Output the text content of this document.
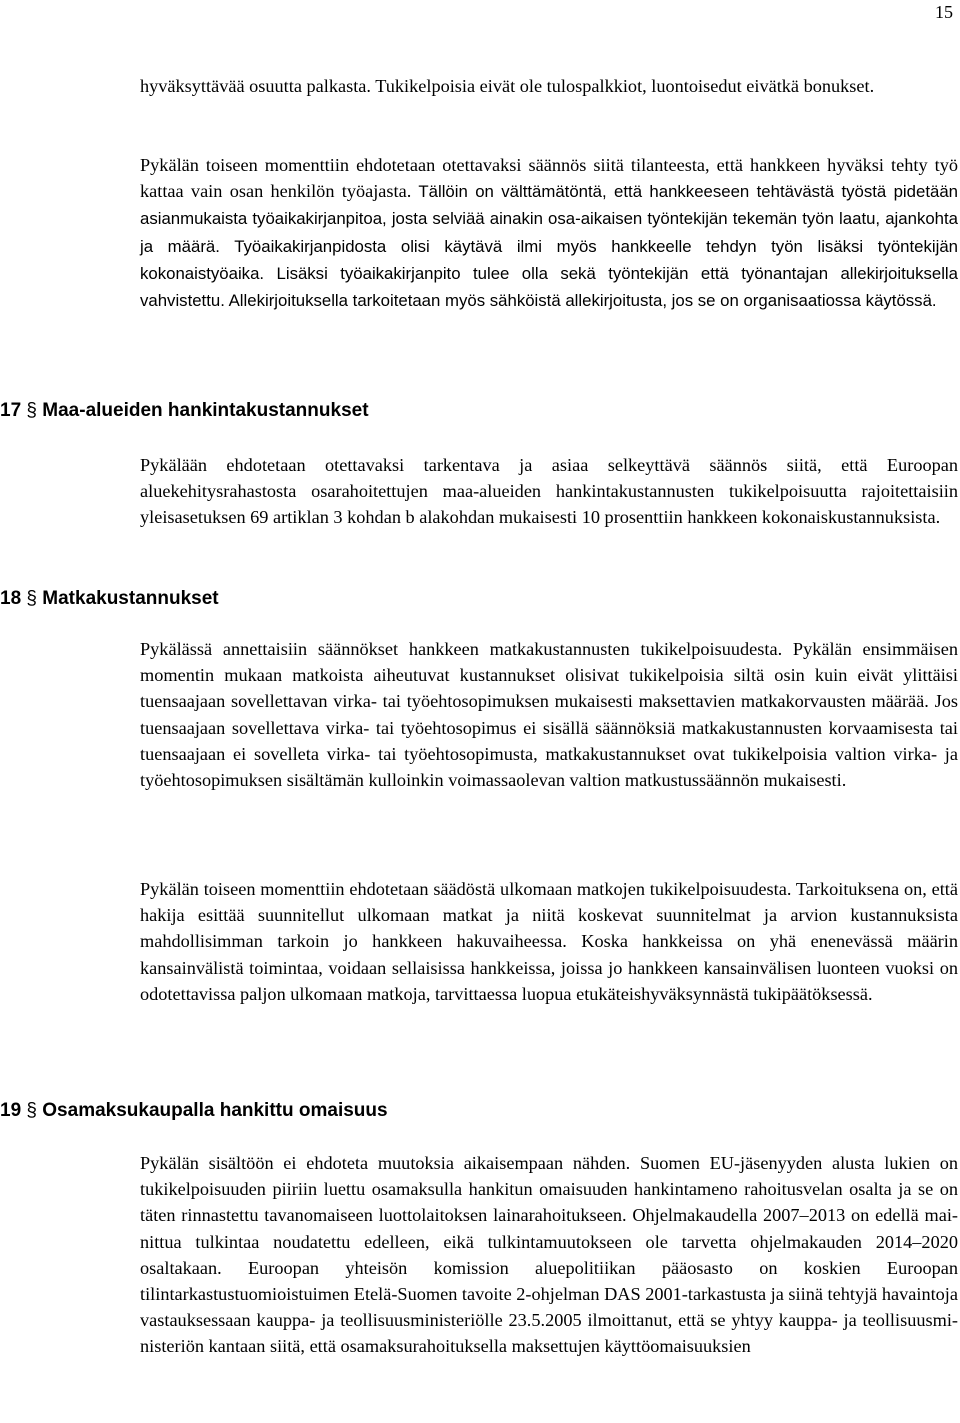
15

hyväksyttävää osuutta palkasta. Tukikelpoisia eivät ole tulospalkkiot, luontoisedut eivätkä bonukset.

Pykälän toiseen momenttiin ehdotetaan otettavaksi säännös siitä tilanteesta, että hankkeen hyväksi tehty työ kattaa vain osan henkilön työajasta. Tällöin on välttämätöntä, että hankkeeseen tehtävästä työstä pidetään asianmukaista työaikakirjanpitoa, josta selviää ainakin osa-aikaisen työntekijän tekemän työn laatu, ajankohta ja määrä. Työaikakirjanpidosta olisi käytävä ilmi myös hankkeelle tehdyn työn lisäksi työntekijän kokonaistyöaika. Lisäksi työaikakirjanpito tulee olla sekä työntekijän että työnantajan allekirjoituksella vahvistettu. Allekirjoituksella tarkoitetaan myös sähköistä allekirjoitusta, jos se on organisaatiossa käytössä.

17 § Maa-alueiden hankintakustannukset

Pykälään ehdotetaan otettavaksi tarkentava ja asiaa selkeyttävä säännös siitä, että Euroopan aluekehitysrahastosta osarahoitettujen maa-alueiden hankintakustannusten tukikelpoisuutta rajoitettaisiin yleisasetuksen 69 artiklan 3 kohdan b alakohdan mukaisesti 10 prosenttiin hankkeen kokonaiskustannuksista.

18 § Matkakustannukset

Pykälässä annettaisiin säännökset hankkeen matkakustannusten tukikelpoisuudesta. Pykälän ensimmäisen momentin mukaan matkoista aiheutuvat kustannukset olisivat tukikelpoisia siltä osin kuin eivät ylittäisi tuensaajaan sovellettavan virka- tai työehtosopimuksen mukaisesti maksettavien matkakorvausten määrää. Jos tuensaajaan sovellettava virka- tai työehtosopimus ei sisällä säännöksiä matkakustannusten korvaamisesta tai tuensaajaan ei sovelleta virka- tai työehtosopimusta, matkakustannukset ovat tukikelpoisia valtion virka- ja työehtosopimuksen sisältämän kulloinkin voimassaolevan valtion matkustussäännön mukaisesti.

Pykälän toiseen momenttiin ehdotetaan säädöstä ulkomaan matkojen tukikelpoisuudesta. Tarkoituksena on, että hakija esittää suunnitellut ulkomaan matkat ja niitä koskevat suunnitelmat ja arvion kustannuksista mahdollisimman tarkoin jo hankkeen hakuvaiheessa. Koska hankkeissa on yhä enenevässä määrin kansainvälistä toimintaa, voidaan sellaisissa hankkeissa, joissa jo hankkeen kansainvälisen luonteen vuoksi on odotettavissa paljon ulkomaan matkoja, tarvittaessa luopua etukäteishyväksynnästä tukipäätöksessä.

19 § Osamaksukaupalla hankittu omaisuus

Pykälän sisältöön ei ehdoteta muutoksia aikaisempaan nähden. Suomen EU-jäsenyyden alusta lukien on tukikelpoisuuden piiriin luettu osamaksulla hankitun omaisuuden hankintameno rahoitusvelan osalta ja se on täten rinnastettu tavanomaiseen luottolaitoksen lainarahoitukseen. Ohjelmakaudella 2007–2013 on edellä mainittua tulkintaa noudatettu edelleen, eikä tulkintamuutokseen ole tarvetta ohjelmakauden 2014–2020 osaltakaan. Euroopan yhteisön komission aluepolitiikan pääosasto on koskien Euroopan tilintarkastustuomioistuimen Etelä-Suomen tavoite 2-ohjelman DAS 2001-tarkastusta ja siinä tehtyjä havaintoja vastauksessaan kauppa- ja teollisuusministeriölle 23.5.2005 ilmoittanut, että se yhtyy kauppa- ja teollisuusministeriön kantaan siitä, että osamaksurahoituksella maksettujen käyttöomaisuuksien
